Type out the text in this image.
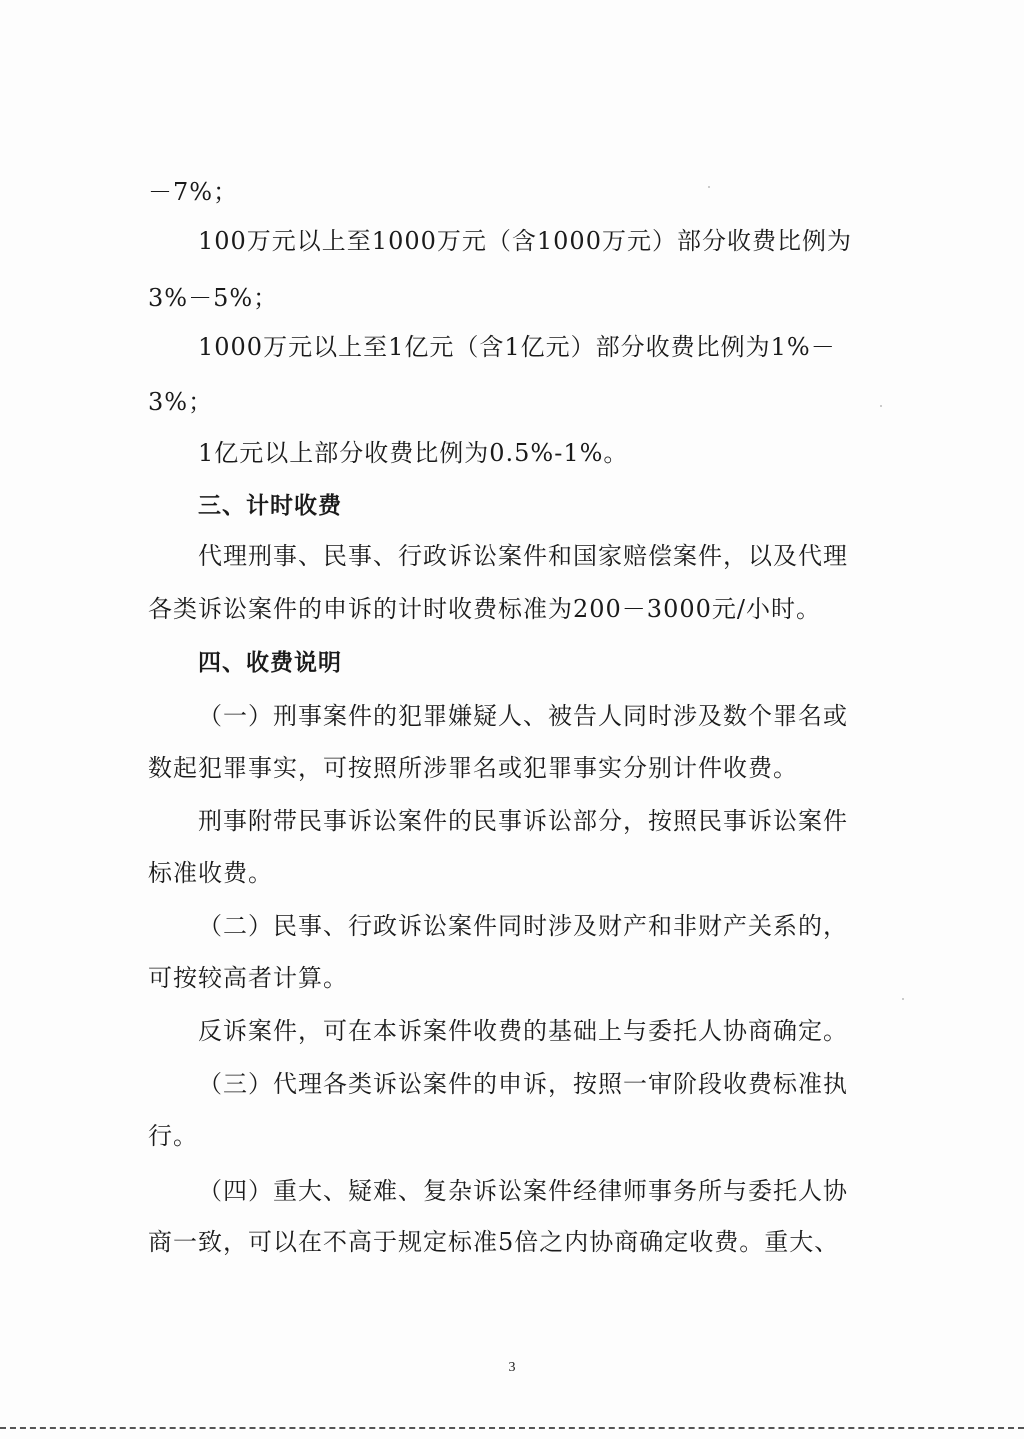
－7%；
100万元以上至1000万元（含1000万元）部分收费比例为
3%－5%；
1000万元以上至1亿元（含1亿元）部分收费比例为1%－
3%；
1亿元以上部分收费比例为0.5%-1%。
三、计时收费
代理刑事、民事、行政诉讼案件和国家赔偿案件，以及代理
各类诉讼案件的申诉的计时收费标准为200－3000元/小时。
四、收费说明
（一）刑事案件的犯罪嫌疑人、被告人同时涉及数个罪名或
数起犯罪事实，可按照所涉罪名或犯罪事实分别计件收费。
刑事附带民事诉讼案件的民事诉讼部分，按照民事诉讼案件
标准收费。
（二）民事、行政诉讼案件同时涉及财产和非财产关系的，
可按较高者计算。
反诉案件，可在本诉案件收费的基础上与委托人协商确定。
（三）代理各类诉讼案件的申诉，按照一审阶段收费标准执
行。
（四）重大、疑难、复杂诉讼案件经律师事务所与委托人协
商一致，可以在不高于规定标准5倍之内协商确定收费。重大、
3
